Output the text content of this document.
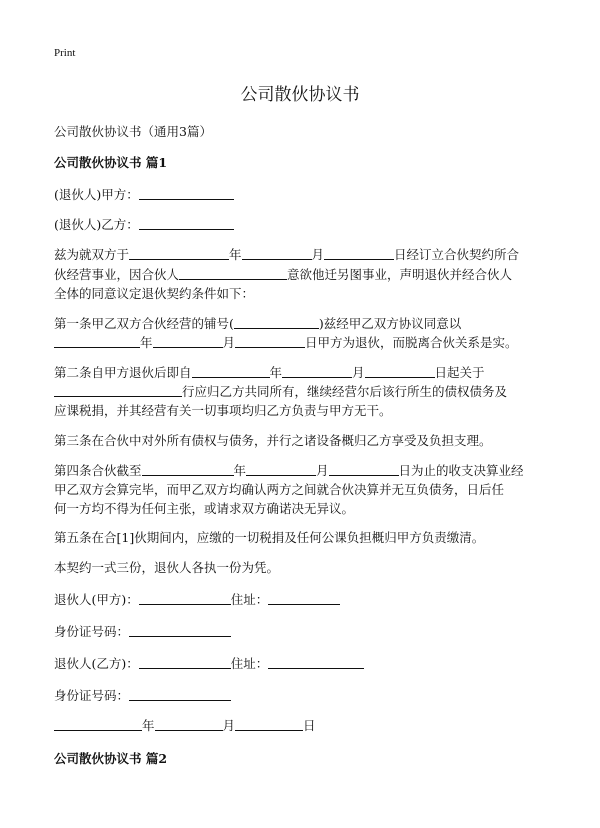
Print
公司散伙协议书
公司散伙协议书（通用3篇）
公司散伙协议书 篇1
(退伙人)甲方：
(退伙人)乙方：
兹为就双方于	年	月	日经订立合伙契约所合
伙经营事业，因合伙人	意欲他迁另图事业，声明退伙并经合伙人
全体的同意议定退伙契约条件如下：
第一条甲乙双方合伙经营的铺号(	)兹经甲乙双方协议同意以
年	月	日甲方为退伙，而脱离合伙关系是实。
第二条自甲方退伙后即自	年	月	日起关于
行应归乙方共同所有，继续经营尔后该行所生的债权债务及
应课税捐，并其经营有关一切事项均归乙方负责与甲方无干。
第三条在合伙中对外所有债权与债务，并行之诸设备概归乙方享受及负担支理。
第四条合伙截至	年	月	日为止的收支决算业经
甲乙双方会算完毕，而甲乙双方均确认两方之间就合伙决算并无互负债务，日后任
何一方均不得为任何主张，或请求双方确诺决无异议。
第五条在合[1]伙期间内，应缴的一切税捐及任何公课负担概归甲方负责缴清。
本契约一式三份，退伙人各执一份为凭。
退伙人(甲方)：	住址：
身份证号码：
退伙人(乙方)：	住址：
身份证号码：
年	月	日
公司散伙协议书 篇2
